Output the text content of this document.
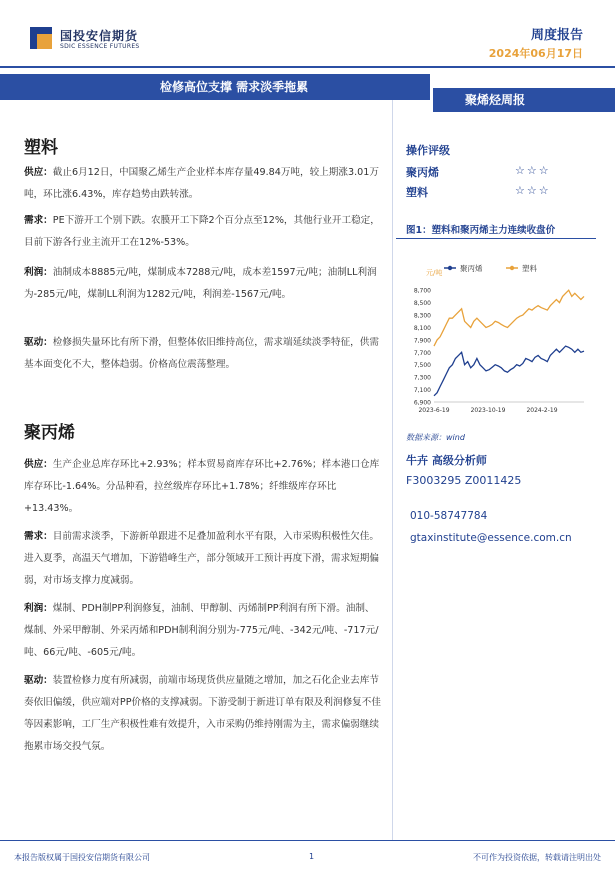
国投安信期货
SDIC ESSENCE FUTURES
周度报告
2024年06月17日
检修高位支撑 需求淡季拖累
聚烯烃周报
塑料
供应：截止6月12日，中国聚乙烯生产企业样本库存量49.84万吨，较上期涨3.01万吨，环比涨6.43%，库存趋势由跌转涨。
需求：PE下游开工个别下跌。农膜开工下降2个百分点至12%，其他行业开工稳定，目前下游各行业主流开工在12%-53%。
利润：油制成本8885元/吨，煤制成本7288元/吨，成本差1597元/吨；油制LL利润为-285元/吨，煤制LL利润为1282元/吨，利润差-1567元/吨。
驱动：检修损失量环比有所下滑，但整体依旧维持高位，需求端延续淡季特征，供需基本面变化不大，整体趋弱。价格高位震荡整理。
聚丙烯
供应：生产企业总库存环比+2.93%；样本贸易商库存环比+2.76%；样本港口仓库库存环比-1.64%。分品种看，拉丝级库存环比+1.78%；纤维级库存环比+13.43%。
需求：目前需求淡季，下游新单跟进不足叠加盈利水平有限，入市采购积极性欠佳。进入夏季，高温天气增加，下游错峰生产，部分领域开工预计再度下滑，需求短期偏弱，对市场支撑力度减弱。
利润：煤制、PDH制PP利润修复，油制、甲醇制、丙烯制PP利润有所下滑。油制、煤制、外采甲醇制、外采丙烯和PDH制利润分别为-775元/吨、-342元/吨、-717元/吨、66元/吨、-605元/吨。
驱动：装置检修力度有所减弱，前端市场现货供应量随之增加，加之石化企业去库节奏依旧偏缓，供应端对PP价格的支撑减弱。下游受制于新进订单有限及利润修复不佳等因素影响，工厂生产积极性难有效提升，入市采购仍维持刚需为主，需求偏弱继续拖累市场交投气氛。
操作评级
聚丙烯	☆☆☆
塑料	☆☆☆
图1：塑料和聚丙烯主力连续收盘价
元/吨 聚丙烯	塑料
6,900
7,100
7,300
7,500
7,700
7,900
8,100
8,300
8,500
8,700
2023-6-19	2023-10-19	2024-2-19
数据来源：wind
牛卉 高级分析师
F3003295 Z0011425
010-58747784
gtaxinstitute@essence.com.cn
本报告版权属于国投安信期货有限公司	1	不可作为投资依据，转载请注明出处
